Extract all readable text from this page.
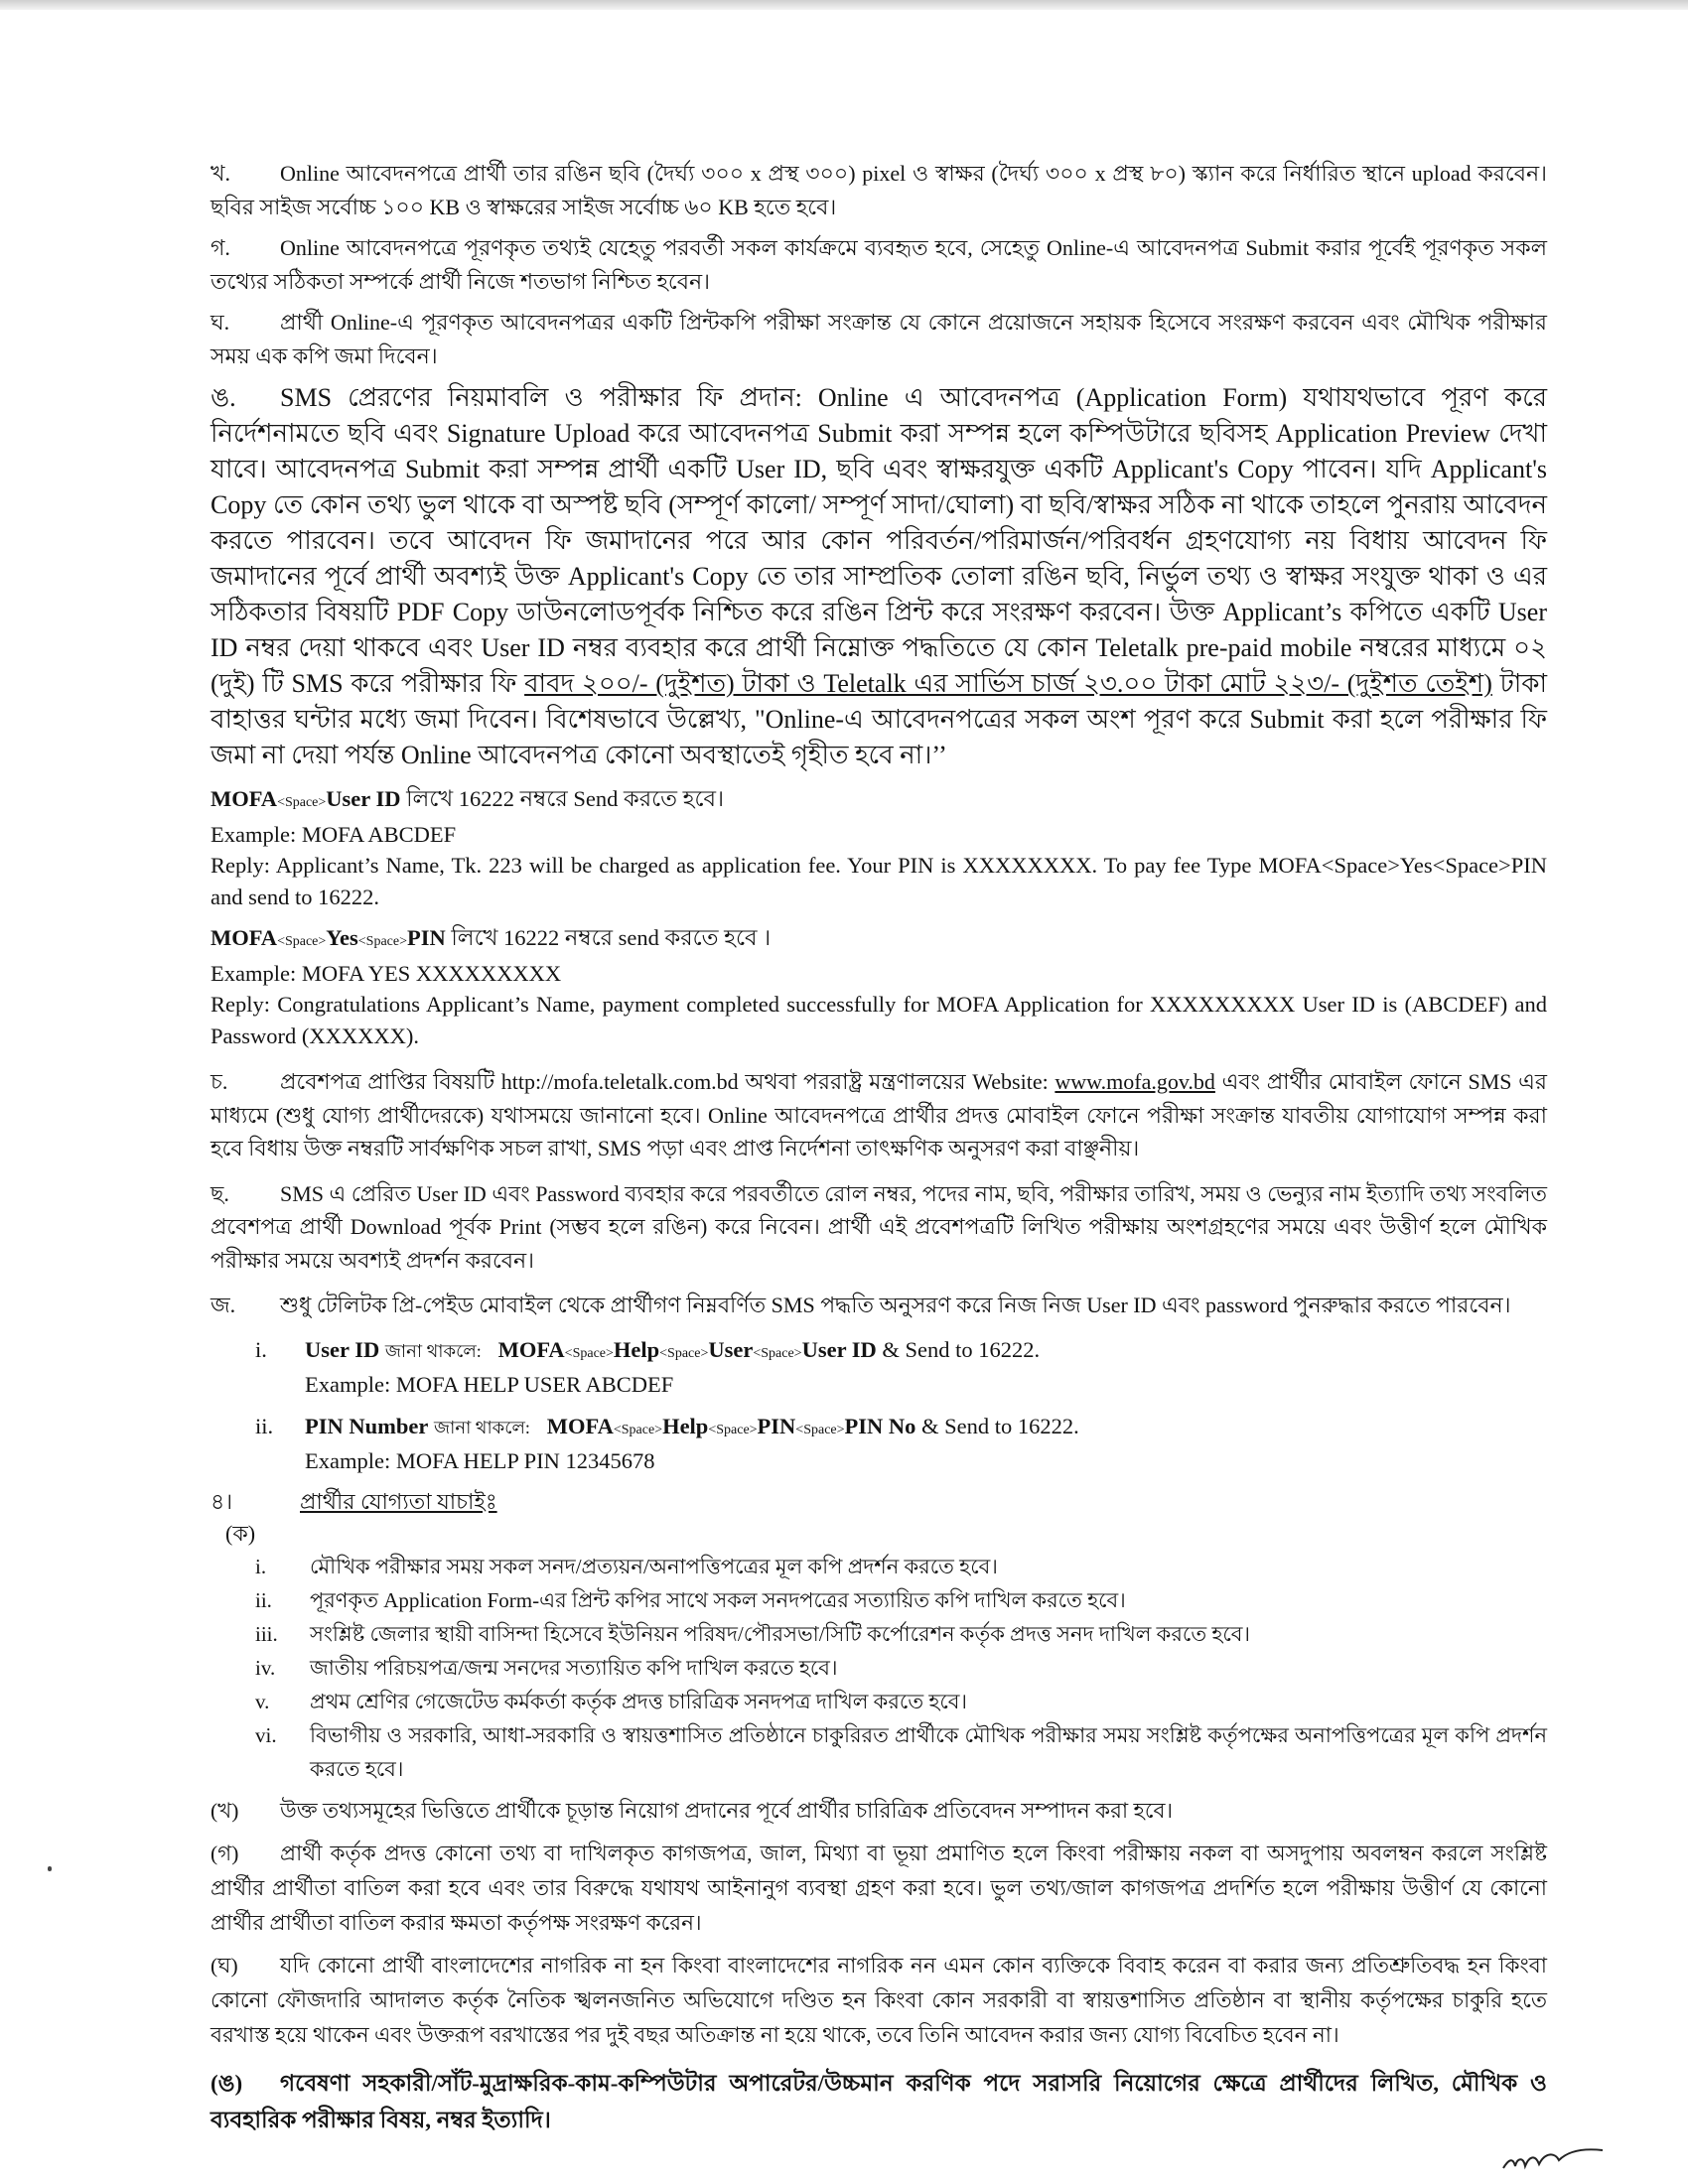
খ. Online আবেদনপত্রে প্রার্থী তার রঙিন ছবি (দৈর্ঘ্য ৩০০ x প্রস্থ ৩০০) pixel ও স্বাক্ষর (দৈর্ঘ্য ৩০০ x প্রস্থ ৮০) স্ক্যান করে নির্ধারিত স্থানে upload করবেন। ছবির সাইজ সর্বোচ্চ ১০০ KB ও স্বাক্ষরের সাইজ সর্বোচ্চ ৬০ KB হতে হবে।
গ. Online আবেদনপত্রে পূরণকৃত তথ্যই যেহেতু পরবর্তী সকল কার্যক্রমে ব্যবহৃত হবে, সেহেতু Online-এ আবেদনপত্র Submit করার পূর্বেই পূরণকৃত সকল তথ্যের সঠিকতা সম্পর্কে প্রার্থী নিজে শতভাগ নিশ্চিত হবেন।
ঘ. প্রার্থী Online-এ পূরণকৃত আবেদনপত্রর একটি প্রিন্টকপি পরীক্ষা সংক্রান্ত যে কোনে প্রয়োজনে সহায়ক হিসেবে সংরক্ষণ করবেন এবং মৌখিক পরীক্ষার সময় এক কপি জমা দিবেন।
ঙ. SMS প্রেরণের নিয়মাবলি ও পরীক্ষার ফি প্রদান: Online এ আবেদনপত্র (Application Form) যথাযথভাবে পূরণ করে নির্দেশনামতে ছবি এবং Signature Upload করে আবেদনপত্র Submit করা সম্পন্ন হলে কম্পিউটারে ছবিসহ Application Preview দেখা যাবে। আবেদনপত্র Submit করা সম্পন্ন প্রার্থী একটি User ID, ছবি এবং স্বাক্ষরযুক্ত একটি Applicant's Copy পাবেন। যদি Applicant's Copy তে কোন তথ্য ভুল থাকে বা অস্পষ্ট ছবি (সম্পূর্ণ কালো/ সম্পূর্ণ সাদা/ঘোলা) বা ছবি/স্বাক্ষর সঠিক না থাকে তাহলে পুনরায় আবেদন করতে পারবেন। তবে আবেদন ফি জমাদানের পরে আর কোন পরিবর্তন/পরিমার্জন/পরিবর্ধন গ্রহণযোগ্য নয় বিধায় আবেদন ফি জমাদানের পূর্বে প্রার্থী অবশ্যই উক্ত Applicant's Copy তে তার সাম্প্রতিক তোলা রঙিন ছবি, নির্ভুল তথ্য ও স্বাক্ষর সংযুক্ত থাকা ও এর সঠিকতার বিষয়টি PDF Copy ডাউনলোডপূর্বক নিশ্চিত করে রঙিন প্রিন্ট করে সংরক্ষণ করবেন। উক্ত Applicant’s কপিতে একটি User ID নম্বর দেয়া থাকবে এবং User ID নম্বর ব্যবহার করে প্রার্থী নিম্নোক্ত পদ্ধতিতে যে কোন Teletalk pre-paid mobile নম্বরের মাধ্যমে ০২ (দুই) টি SMS করে পরীক্ষার ফি বাবদ ২০০/- (দুইশত) টাকা ও Teletalk এর সার্ভিস চার্জ ২৩.০০ টাকা মোট ২২৩/- (দুইশত তেইশ) টাকা বাহাত্তর ঘন্টার মধ্যে জমা দিবেন। বিশেষভাবে উল্লেখ্য, "Online-এ আবেদনপত্রের সকল অংশ পূরণ করে Submit করা হলে পরীক্ষার ফি জমা না দেয়া পর্যন্ত Online আবেদনপত্র কোনো অবস্থাতেই গৃহীত হবে না।’’
MOFA<Space>User ID লিখে 16222 নম্বরে Send করতে হবে।
Example: MOFA ABCDEF
Reply: Applicant’s Name, Tk. 223 will be charged as application fee. Your PIN is XXXXXXXX. To pay fee Type MOFA<Space>Yes<Space>PIN and send to 16222.
MOFA<Space>Yes<Space>PIN লিখে 16222 নম্বরে send করতে হবে ।
Example: MOFA YES XXXXXXXXX
Reply: Congratulations Applicant’s Name, payment completed successfully for MOFA Application for XXXXXXXXX User ID is (ABCDEF) and Password (XXXXXX).
চ. প্রবেশপত্র প্রাপ্তির বিষয়টি http://mofa.teletalk.com.bd অথবা পররাষ্ট্র মন্ত্রণালয়ের Website: www.mofa.gov.bd এবং প্রার্থীর মোবাইল ফোনে SMS এর মাধ্যমে (শুধু যোগ্য প্রার্থীদেরকে) যথাসময়ে জানানো হবে। Online আবেদনপত্রে প্রার্থীর প্রদত্ত মোবাইল ফোনে পরীক্ষা সংক্রান্ত যাবতীয় যোগাযোগ সম্পন্ন করা হবে বিধায় উক্ত নম্বরটি সার্বক্ষণিক সচল রাখা, SMS পড়া এবং প্রাপ্ত নির্দেশনা তাৎক্ষণিক অনুসরণ করা বাঞ্ছনীয়।
ছ. SMS এ প্রেরিত User ID এবং Password ব্যবহার করে পরবর্তীতে রোল নম্বর, পদের নাম, ছবি, পরীক্ষার তারিখ, সময় ও ভেন্যুর নাম ইত্যাদি তথ্য সংবলিত প্রবেশপত্র প্রার্থী Download পূর্বক Print (সম্ভব হলে রঙিন) করে নিবেন। প্রার্থী এই প্রবেশপত্রটি লিখিত পরীক্ষায় অংশগ্রহণের সময়ে এবং উত্তীর্ণ হলে মৌখিক পরীক্ষার সময়ে অবশ্যই প্রদর্শন করবেন।
জ. শুধু টেলিটক প্রি-পেইড মোবাইল থেকে প্রার্থীগণ নিম্নবর্ণিত SMS পদ্ধতি অনুসরণ করে নিজ নিজ User ID এবং password পুনরুদ্ধার করতে পারবেন।
i.	User ID জানা থাকলে: MOFA<Space>Help<Space>User<Space>User ID & Send to 16222.
Example: MOFA HELP USER ABCDEF
ii.	PIN Number জানা থাকলে: MOFA<Space>Help<Space>PIN<Space>PIN No & Send to 16222.
Example: MOFA HELP PIN 12345678
৪।	প্রার্থীর যোগ্যতা যাচাইঃ
(ক)
i.	মৌখিক পরীক্ষার সময় সকল সনদ/প্রত্যয়ন/অনাপত্তিপত্রের মূল কপি প্রদর্শন করতে হবে।
ii.	পূরণকৃত Application Form-এর প্রিন্ট কপির সাথে সকল সনদপত্রের সত্যায়িত কপি দাখিল করতে হবে।
iii.	সংশ্লিষ্ট জেলার স্থায়ী বাসিন্দা হিসেবে ইউনিয়ন পরিষদ/পৌরসভা/সিটি কর্পোরেশন কর্তৃক প্রদত্ত সনদ দাখিল করতে হবে।
iv.	জাতীয় পরিচয়পত্র/জন্ম সনদের সত্যায়িত কপি দাখিল করতে হবে।
v.	প্রথম শ্রেণির গেজেটেড কর্মকর্তা কর্তৃক প্রদত্ত চারিত্রিক সনদপত্র দাখিল করতে হবে।
vi.	বিভাগীয় ও সরকারি, আধা-সরকারি ও স্বায়ত্তশাসিত প্রতিষ্ঠানে চাকুরিরত প্রার্থীকে মৌখিক পরীক্ষার সময় সংশ্লিষ্ট কর্তৃপক্ষের অনাপত্তিপত্রের মূল কপি প্রদর্শন করতে হবে।
(খ) উক্ত তথ্যসমূহের ভিত্তিতে প্রার্থীকে চূড়ান্ত নিয়োগ প্রদানের পূর্বে প্রার্থীর চারিত্রিক প্রতিবেদন সম্পাদন করা হবে।
(গ) প্রার্থী কর্তৃক প্রদত্ত কোনো তথ্য বা দাখিলকৃত কাগজপত্র, জাল, মিথ্যা বা ভূয়া প্রমাণিত হলে কিংবা পরীক্ষায় নকল বা অসদুপায় অবলম্বন করলে সংশ্লিষ্ট প্রার্থীর প্রার্থীতা বাতিল করা হবে এবং তার বিরুদ্ধে যথাযথ আইনানুগ ব্যবস্থা গ্রহণ করা হবে। ভুল তথ্য/জাল কাগজপত্র প্রদর্শিত হলে পরীক্ষায় উত্তীর্ণ যে কোনো প্রার্থীর প্রার্থীতা বাতিল করার ক্ষমতা কর্তৃপক্ষ সংরক্ষণ করেন।
(ঘ) যদি কোনো প্রার্থী বাংলাদেশের নাগরিক না হন কিংবা বাংলাদেশের নাগরিক নন এমন কোন ব্যক্তিকে বিবাহ করেন বা করার জন্য প্রতিশ্রুতিবদ্ধ হন কিংবা কোনো ফৌজদারি আদালত কর্তৃক নৈতিক স্খলনজনিত অভিযোগে দণ্ডিত হন কিংবা কোন সরকারী বা স্বায়ত্তশাসিত প্রতিষ্ঠান বা স্থানীয় কর্তৃপক্ষের চাকুরি হতে বরখাস্ত হয়ে থাকেন এবং উক্তরূপ বরখাস্তের পর দুই বছর অতিক্রান্ত না হয়ে থাকে, তবে তিনি আবেদন করার জন্য যোগ্য বিবেচিত হবেন না।
(ঙ) গবেষণা সহকারী/সাঁট-মুদ্রাক্ষরিক-কাম-কম্পিউটার অপারেটর/উচ্চমান করণিক পদে সরাসরি নিয়োগের ক্ষেত্রে প্রার্থীদের লিখিত, মৌখিক ও ব্যবহারিক পরীক্ষার বিষয়, নম্বর ইত্যাদি।
